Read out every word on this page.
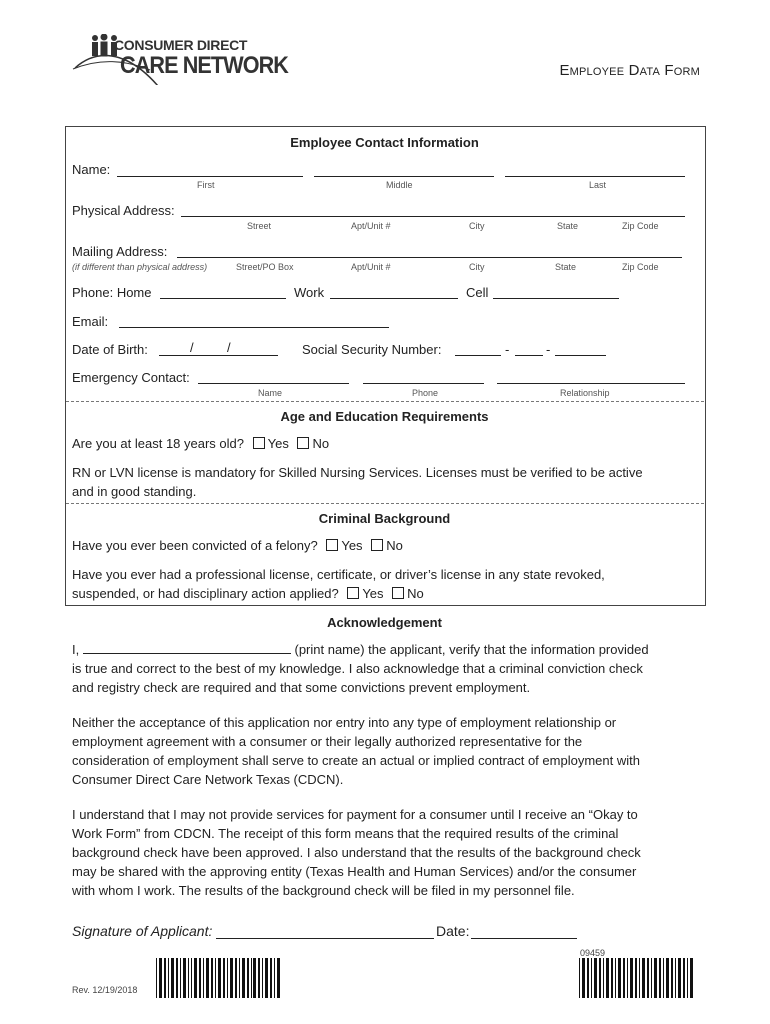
CONSUMER DIRECT
CARE NETWORK	Employee Data Form
Employee Contact Information
Name:
First	Middle	Last
Physical Address:
Street	Apt/Unit #	City	State	Zip Code
Mailing Address:
(if different than physical address)	Street/PO Box	Apt/Unit #	City	State	Zip Code
Phone: Home	Work	Cell
Email:
Date of Birth:	/	/	Social Security Number:	-	-
Emergency Contact:
Name	Phone	Relationship
Age and Education Requirements
Are you at least 18 years old? Yes No
RN or LVN license is mandatory for Skilled Nursing Services. Licenses must be verified to be active
and in good standing.
Criminal Background
Have you ever been convicted of a felony? Yes No
Have you ever had a professional license, certificate, or driver’s license in any state revoked,
suspended, or had disciplinary action applied? Yes No
Acknowledgement
I,	(print name) the applicant, verify that the information provided
is true and correct to the best of my knowledge. I also acknowledge that a criminal conviction check
and registry check are required and that some convictions prevent employment.
Neither the acceptance of this application nor entry into any type of employment relationship or
employment agreement with a consumer or their legally authorized representative for the
consideration of employment shall serve to create an actual or implied contract of employment with
Consumer Direct Care Network Texas (CDCN).
I understand that I may not provide services for payment for a consumer until I receive an “Okay to
Work Form” from CDCN. The receipt of this form means that the required results of the criminal
background check have been approved. I also understand that the results of the background check
may be shared with the approving entity (Texas Health and Human Services) and/or the consumer
with whom I work. The results of the background check will be filed in my personnel file.
Signature of Applicant:	Date:
09459
Rev. 12/19/2018
